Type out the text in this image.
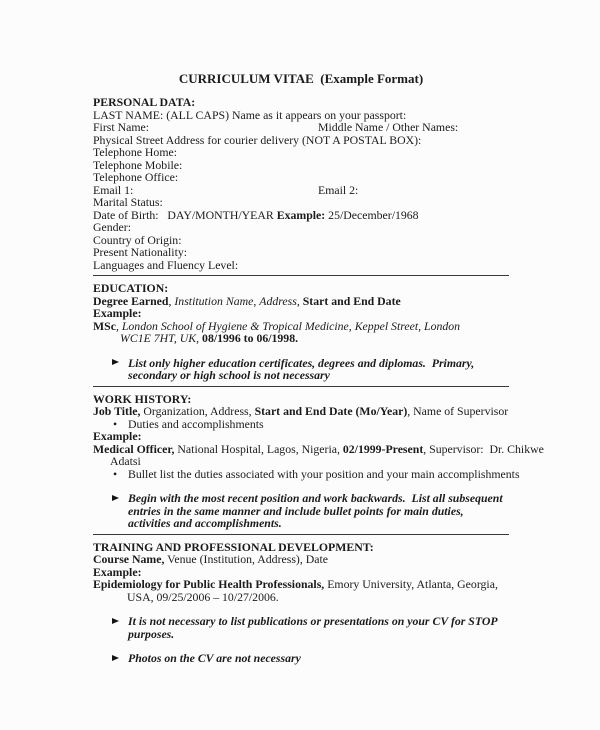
CURRICULUM VITAE  (Example Format)
PERSONAL DATA:
LAST NAME: (ALL CAPS) Name as it appears on your passport:
First Name:	Middle Name / Other Names:
Physical Street Address for courier delivery (NOT A POSTAL BOX):
Telephone Home:
Telephone Mobile:
Telephone Office:
Email 1:	Email 2:
Marital Status:
Date of Birth:   DAY/MONTH/YEAR Example: 25/December/1968
Gender:
Country of Origin:
Present Nationality:
Languages and Fluency Level:
EDUCATION:
Degree Earned, Institution Name, Address, Start and End Date
Example:
MSc, London School of Hygiene & Tropical Medicine, Keppel Street, London
WC1E 7HT, UK, 08/1996 to 06/1998.
List only higher education certificates, degrees and diplomas.  Primary, secondary or high school is not necessary
WORK HISTORY:
Job Title, Organization, Address, Start and End Date (Mo/Year), Name of Supervisor
• Duties and accomplishments
Example:
Medical Officer, National Hospital, Lagos, Nigeria, 02/1999-Present, Supervisor:  Dr. Chikwe
Adatsi
• Bullet list the duties associated with your position and your main accomplishments
Begin with the most recent position and work backwards.  List all subsequent entries in the same manner and include bullet points for main duties, activities and accomplishments.
TRAINING AND PROFESSIONAL DEVELOPMENT:
Course Name, Venue (Institution, Address), Date
Example:
Epidemiology for Public Health Professionals, Emory University, Atlanta, Georgia,
USA, 09/25/2006 – 10/27/2006.
It is not necessary to list publications or presentations on your CV for STOP purposes.
Photos on the CV are not necessary
